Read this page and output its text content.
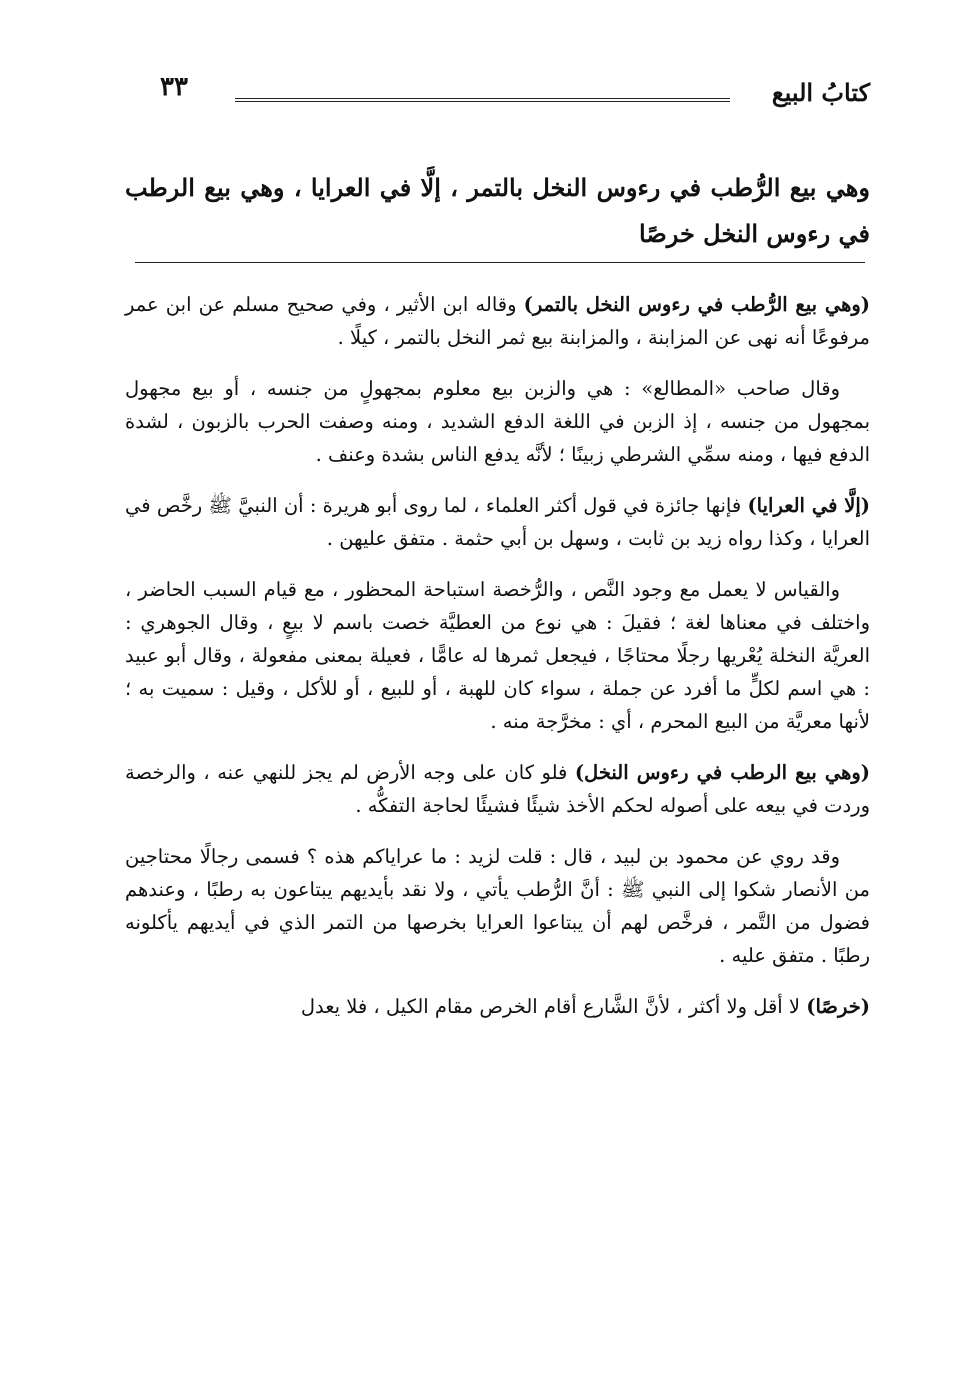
كتابُ البيع
٣٣
وهي بيع الرُّطب في رءوس النخل بالتمر ، إلَّا في العرايا ، وهي بيع الرطب في رءوس النخل خرصًا

(وهي بيع الرُّطب في رءوس النخل بالتمر) وقاله ابن الأثير ، وفي صحيح مسلم عن ابن عمر مرفوعًا أنه نهى عن المزابنة ، والمزابنة بيع ثمر النخل بالتمر ، كيلًا .

وقال صاحب «المطالع» : هي والزبن بيع معلوم بمجهولٍ من جنسه ، أو بيع مجهول بمجهول من جنسه ، إذ الزبن في اللغة الدفع الشديد ، ومنه وصفت الحرب بالزبون ، لشدة الدفع فيها ، ومنه سمِّي الشرطي زبينًا ؛ لأنَّه يدفع الناس بشدة وعنف .

(إلَّا في العرايا) فإنها جائزة في قول أكثر العلماء ، لما روى أبو هريرة : أن النبيَّ ﷺ رخَّص في العرايا ، وكذا رواه زيد بن ثابت ، وسهل بن أبي حثمة . متفق عليهن .

والقياس لا يعمل مع وجود النَّص ، والرُّخصة استباحة المحظور ، مع قيام السبب الحاضر ، واختلف في معناها لغة ؛ فقيلَ : هي نوع من العطيَّة خصت باسم لا بيعٍ ، وقال الجوهري : العريَّة النخلة يُعْريها رجلًا محتاجًا ، فيجعل ثمرها له عامًّا ، فعيلة بمعنى مفعولة ، وقال أبو عبيد : هي اسم لكلٍّ ما أفرد عن جملة ، سواء كان للهبة ، أو للبيع ، أو للأكل ، وقيل : سميت به ؛ لأنها معريَّة من البيع المحرم ، أي : مخرَّجة منه .

(وهي بيع الرطب في رءوس النخل) فلو كان على وجه الأرض لم يجز للنهي عنه ، والرخصة وردت في بيعه على أصوله لحكم الأخذ شيئًا فشيئًا لحاجة التفكُّه .

وقد روي عن محمود بن لبيد ، قال : قلت لزيد : ما عراياكم هذه ؟ فسمى رجالًا محتاجين من الأنصار شكوا إلى النبي ﷺ : أنَّ الرُّطب يأتي ، ولا نقد بأيديهم يبتاعون به رطبًا ، وعندهم فضول من التَّمر ، فرخَّص لهم أن يبتاعوا العرايا بخرصها من التمر الذي في أيديهم يأكلونه رطبًا . متفق عليه .

(خرصًا) لا أقل ولا أكثر ، لأنَّ الشَّارع أقام الخرص مقام الكيل ، فلا يعدل
